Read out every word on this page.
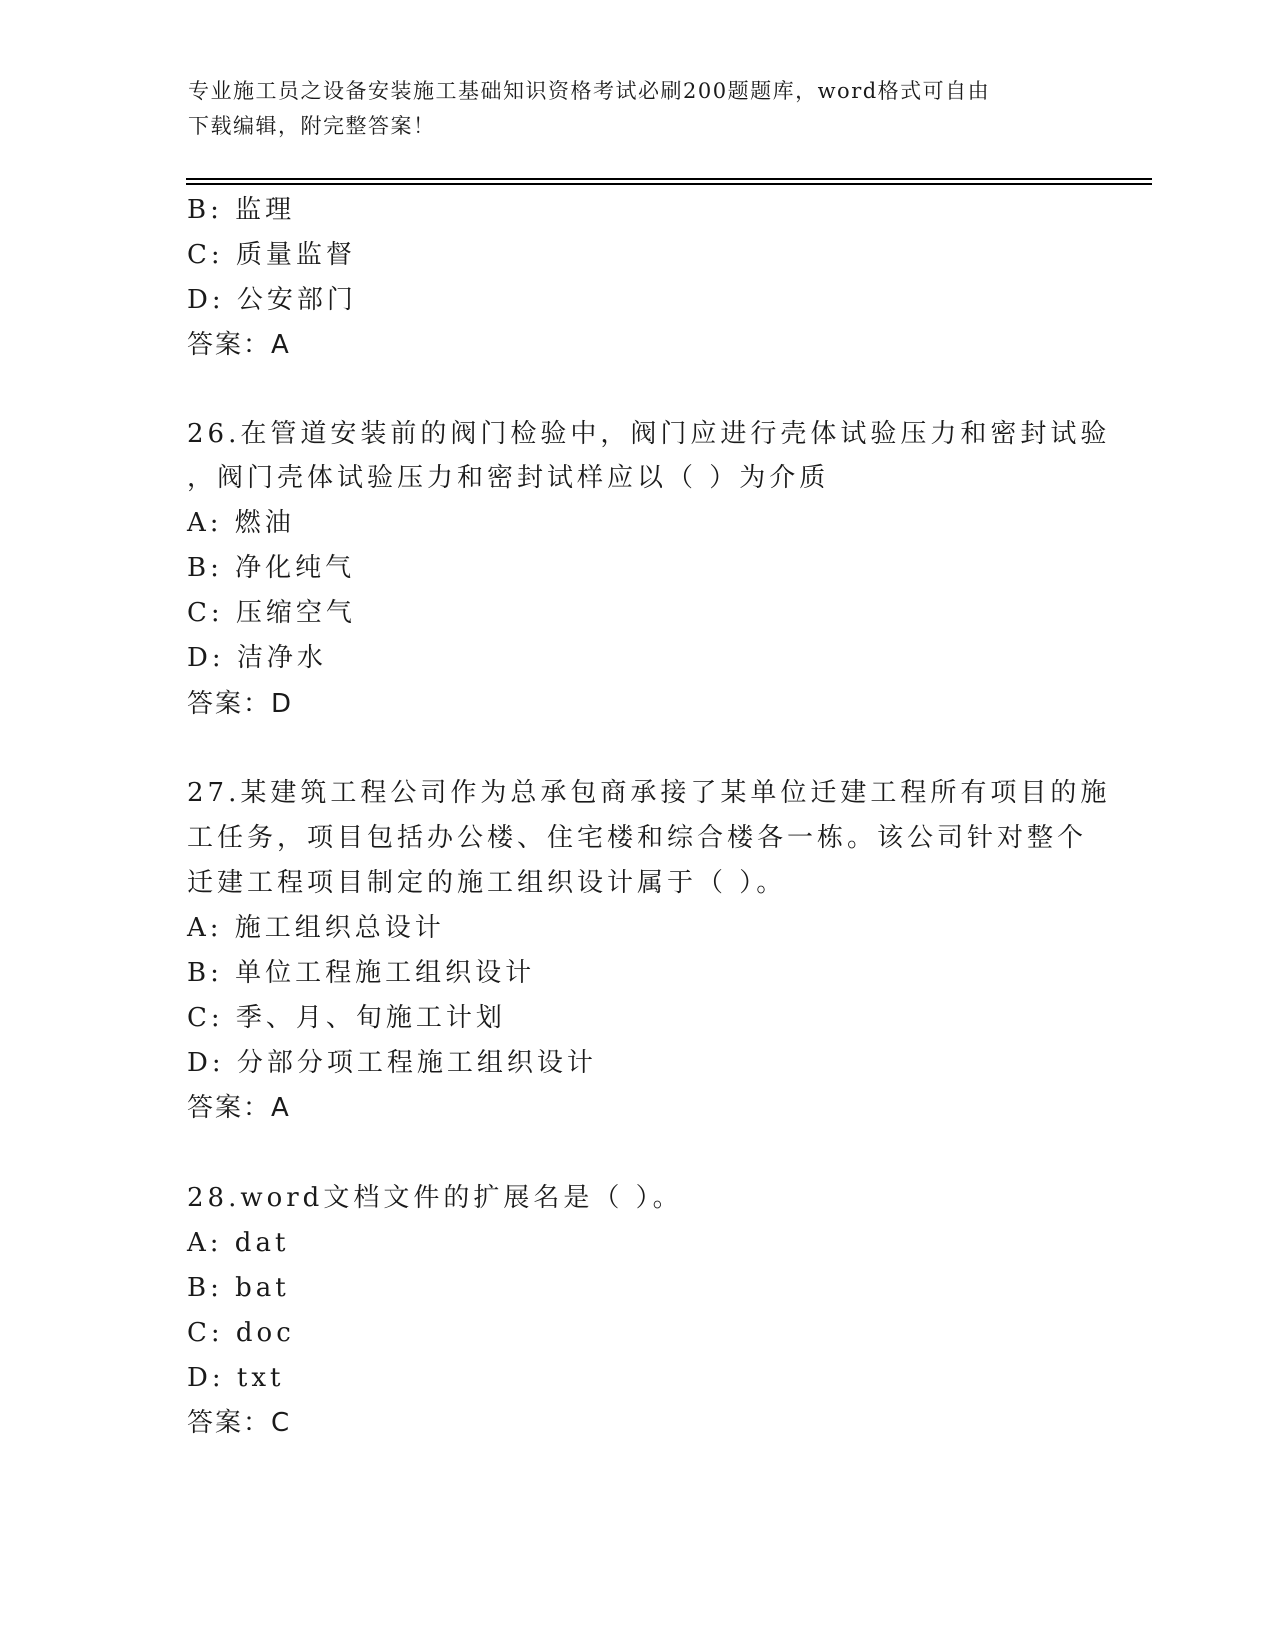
专业施工员之设备安装施工基础知识资格考试必刷200题题库，word格式可自由
下载编辑，附完整答案！
B: 监理
C: 质量监督
D: 公安部门
答案：A
26.在管道安装前的阀门检验中，阀门应进行壳体试验压力和密封试验
，阀门壳体试验压力和密封试样应以（ ）为介质
A: 燃油
B: 净化纯气
C: 压缩空气
D: 洁净水
答案：D
27.某建筑工程公司作为总承包商承接了某单位迁建工程所有项目的施
工任务，项目包括办公楼、住宅楼和综合楼各一栋。该公司针对整个
迁建工程项目制定的施工组织设计属于（ ）。
A: 施工组织总设计
B: 单位工程施工组织设计
C: 季、月、旬施工计划
D: 分部分项工程施工组织设计
答案：A
28.word文档文件的扩展名是（ ）。
A: dat
B: bat
C: doc
D: txt
答案：C
